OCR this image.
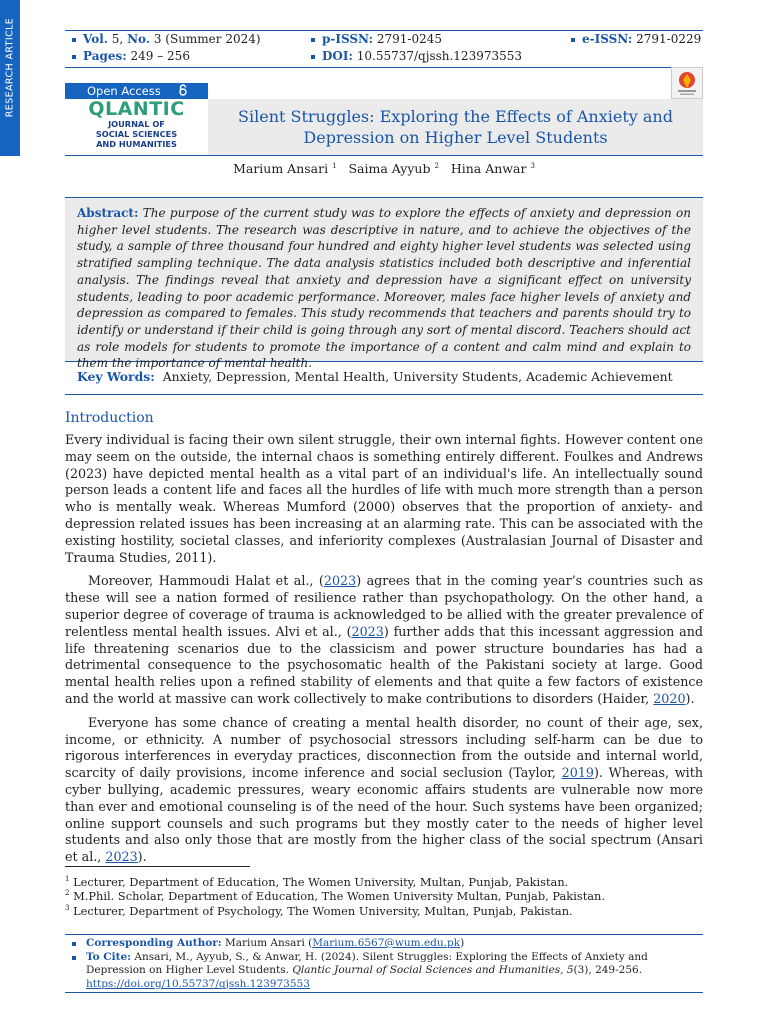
RESEARCH ARTICLE	Vol. 5, No. 3 (Summer 2024)
Pages: 249 – 256
p-ISSN: 2791-0245
DOI: 10.55737/qjssh.123973553
e-ISSN: 2791-0229
Open Access
QLANTIC
JOURNAL OF
SOCIAL SCIENCES
AND HUMANITIES
Silent Struggles: Exploring the Effects of Anxiety and Depression on Higher Level Students
Marium Ansari $^1$ Saima Ayyub $^2$ Hina Anwar $^3$
Abstract: The purpose of the current study was to explore the effects of anxiety and depression on higher level students. The research was descriptive in nature, and to achieve the objectives of the study, a sample of three thousand four hundred and eighty higher level students was selected using stratified sampling technique. The data analysis statistics included both descriptive and inferential analysis. The findings reveal that anxiety and depression have a significant effect on university students, leading to poor academic performance. Moreover, males face higher levels of anxiety and depression as compared to females. This study recommends that teachers and parents should try to identify or understand if their child is going through any sort of mental discord. Teachers should act as role models for students to promote the importance of a content and calm mind and explain to them the importance of mental health.
Key Words: Anxiety, Depression, Mental Health, University Students, Academic Achievement
Introduction

Every individual is facing their own silent struggle, their own internal fights. However content one may seem on the outside, the internal chaos is something entirely different. Foulkes and Andrews (2023) have depicted mental health as a vital part of an individual's life. An intellectually sound person leads a content life and faces all the hurdles of life with much more strength than a person who is mentally weak. Whereas Mumford (2000) observes that the proportion of anxiety- and depression related issues has been increasing at an alarming rate. This can be associated with the existing hostility, societal classes, and inferiority complexes (Australasian Journal of Disaster and Trauma Studies, 2011).

Moreover, Hammoudi Halat et al., (2023) agrees that in the coming year’s countries such as these will see a nation formed of resilience rather than psychopathology. On the other hand, a superior degree of coverage of trauma is acknowledged to be allied with the greater prevalence of relentless mental health issues. Alvi et al., (2023) further adds that this incessant aggression and life threatening scenarios due to the classicism and power structure boundaries has had a detrimental consequence to the psychosomatic health of the Pakistani society at large. Good mental health relies upon a refined stability of elements and that quite a few factors of existence and the world at massive can work collectively to make contributions to disorders (Haider, 2020).

Everyone has some chance of creating a mental health disorder, no count of their age, sex, income, or ethnicity. A number of psychosocial stressors including self-harm can be due to rigorous interferences in everyday practices, disconnection from the outside and internal world, scarcity of daily provisions, income inference and social seclusion (Taylor, 2019). Whereas, with cyber bullying, academic pressures, weary economic affairs students are vulnerable now more than ever and emotional counseling is of the need of the hour. Such systems have been organized; online support counsels and such programs but they mostly cater to the needs of higher level students and also only those that are mostly from the higher class of the social spectrum (Ansari et al., 2023).

$^1$ Lecturer, Department of Education, The Women University, Multan, Punjab, Pakistan.
$^2$ M.Phil. Scholar, Department of Education, The Women University Multan, Punjab, Pakistan.
$^3$ Lecturer, Department of Psychology, The Women University, Multan, Punjab, Pakistan.
Corresponding Author: Marium Ansari (Marium.6567@wum.edu.pk)
To Cite: Ansari, M., Ayyub, S., & Anwar, H. (2024). Silent Struggles: Exploring the Effects of Anxiety and Depression on Higher Level Students. Qlantic Journal of Social Sciences and Humanities, 5(3), 249-256.
https://doi.org/10.55737/qjssh.123973553
